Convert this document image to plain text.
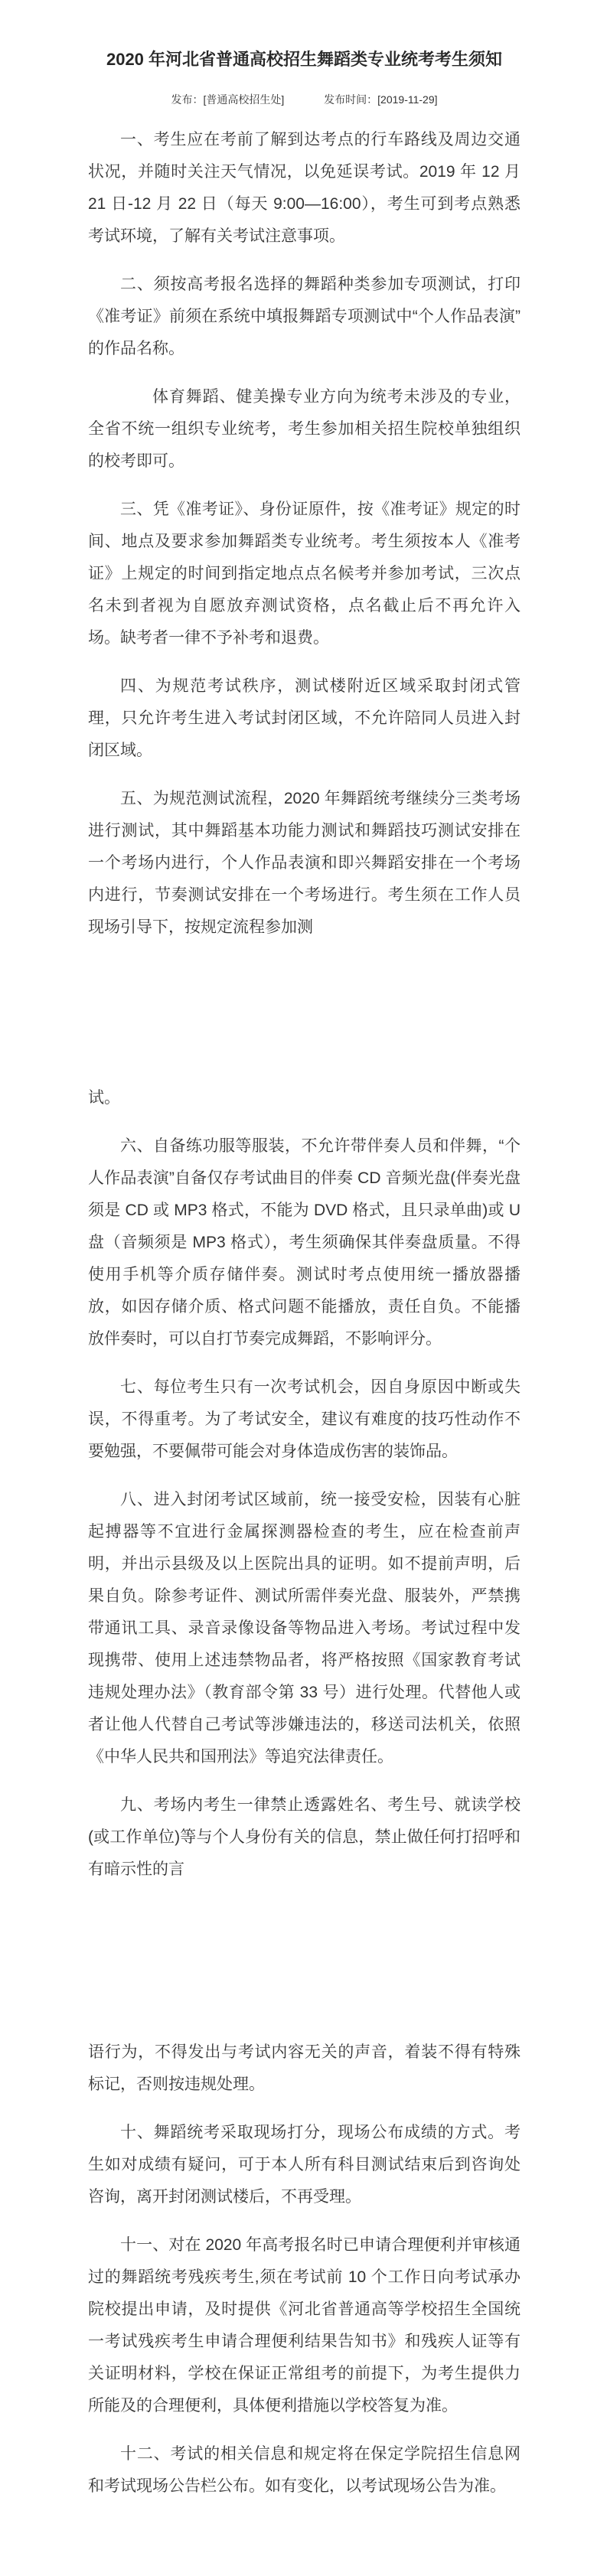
2020 年河北省普通高校招生舞蹈类专业统考考生须知
发布：[普通高校招生处]	发布时间：[2019-11-29]

一、考生应在考前了解到达考点的行车路线及周边交通状况，并随时关注天气情况，以免延误考试。2019 年 12 月 21 日-12 月 22 日（每天 9:00—16:00），考生可到考点熟悉考试环境，了解有关考试注意事项。

二、须按高考报名选择的舞蹈种类参加专项测试，打印《准考证》前须在系统中填报舞蹈专项测试中“个人作品表演”的作品名称。

体育舞蹈、健美操专业方向为统考未涉及的专业，全省不统一组织专业统考，考生参加相关招生院校单独组织的校考即可。

三、凭《准考证》、身份证原件，按《准考证》规定的时间、地点及要求参加舞蹈类专业统考。考生须按本人《准考证》上规定的时间到指定地点点名候考并参加考试，三次点名未到者视为自愿放弃测试资格，点名截止后不再允许入场。缺考者一律不予补考和退费。

四、为规范考试秩序，测试楼附近区域采取封闭式管理，只允许考生进入考试封闭区域，不允许陪同人员进入封闭区域。

五、为规范测试流程，2020 年舞蹈统考继续分三类考场进行测试，其中舞蹈基本功能力测试和舞蹈技巧测试安排在一个考场内进行，个人作品表演和即兴舞蹈安排在一个考场内进行，节奏测试安排在一个考场进行。考生须在工作人员现场引导下，按规定流程参加测

试。

六、自备练功服等服装，不允许带伴奏人员和伴舞，“个人作品表演”自备仅存考试曲目的伴奏 CD 音频光盘(伴奏光盘须是 CD 或 MP3 格式，不能为 DVD 格式，且只录单曲)或 U 盘（音频须是 MP3 格式），考生须确保其伴奏盘质量。不得使用手机等介质存储伴奏。测试时考点使用统一播放器播放，如因存储介质、格式问题不能播放，责任自负。不能播放伴奏时，可以自打节奏完成舞蹈，不影响评分。

七、每位考生只有一次考试机会，因自身原因中断或失误，不得重考。为了考试安全，建议有难度的技巧性动作不要勉强，不要佩带可能会对身体造成伤害的装饰品。

八、进入封闭考试区域前，统一接受安检，因装有心脏起搏器等不宜进行金属探测器检查的考生，应在检查前声明，并出示县级及以上医院出具的证明。如不提前声明，后果自负。除参考证件、测试所需伴奏光盘、服装外，严禁携带通讯工具、录音录像设备等物品进入考场。考试过程中发现携带、使用上述违禁物品者，将严格按照《国家教育考试违规处理办法》（教育部令第 33 号）进行处理。代替他人或者让他人代替自己考试等涉嫌违法的，移送司法机关，依照《中华人民共和国刑法》等追究法律责任。

九、考场内考生一律禁止透露姓名、考生号、就读学校(或工作单位)等与个人身份有关的信息，禁止做任何打招呼和有暗示性的言

语行为，不得发出与考试内容无关的声音，着装不得有特殊标记，否则按违规处理。

十、舞蹈统考采取现场打分，现场公布成绩的方式。考生如对成绩有疑问，可于本人所有科目测试结束后到咨询处咨询，离开封闭测试楼后，不再受理。

十一、对在 2020 年高考报名时已申请合理便利并审核通过的舞蹈统考残疾考生,须在考试前 10 个工作日向考试承办院校提出申请，及时提供《河北省普通高等学校招生全国统一考试残疾考生申请合理便利结果告知书》和残疾人证等有关证明材料，学校在保证正常组考的前提下，为考生提供力所能及的合理便利，具体便利措施以学校答复为准。

十二、考试的相关信息和规定将在保定学院招生信息网和考试现场公告栏公布。如有变化，以考试现场公告为准。
